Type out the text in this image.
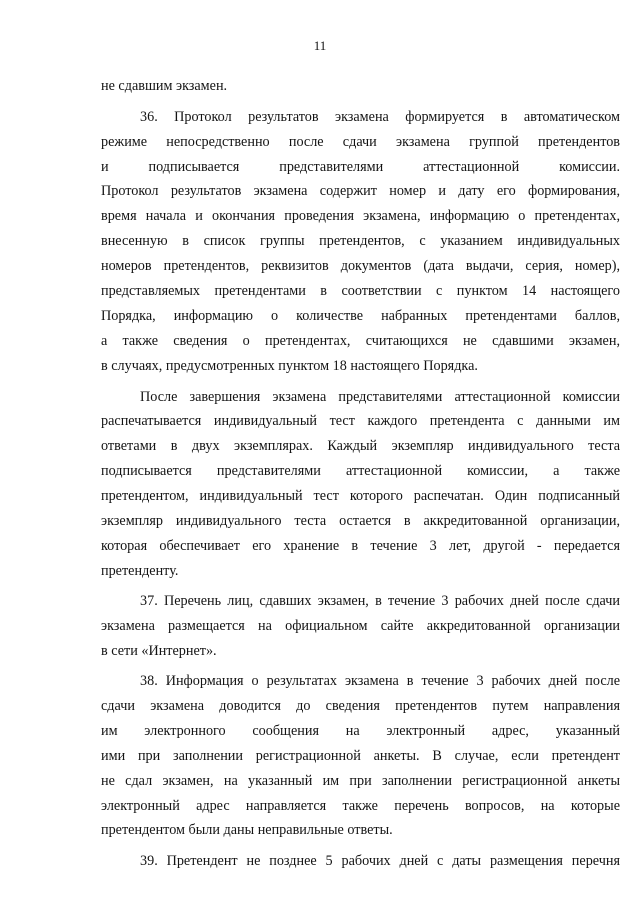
11
не сдавшим экзамен.
36. Протокол результатов экзамена формируется в автоматическом
режиме непосредственно после сдачи экзамена группой претендентов
и подписывается представителями аттестационной комиссии.
Протокол результатов экзамена содержит номер и дату его формирования,
время начала и окончания проведения экзамена, информацию о претендентах,
внесенную в список группы претендентов, с указанием индивидуальных
номеров претендентов, реквизитов документов (дата выдачи, серия, номер),
представляемых претендентами в соответствии с пунктом 14 настоящего
Порядка, информацию о количестве набранных претендентами баллов,
а также сведения о претендентах, считающихся не сдавшими экзамен,
в случаях, предусмотренных пунктом 18 настоящего Порядка.
После завершения экзамена представителями аттестационной комиссии
распечатывается индивидуальный тест каждого претендента с данными им
ответами в двух экземплярах. Каждый экземпляр индивидуального теста
подписывается представителями аттестационной комиссии, а также
претендентом, индивидуальный тест которого распечатан. Один подписанный
экземпляр индивидуального теста остается в аккредитованной организации,
которая обеспечивает его хранение в течение 3 лет, другой - передается
претенденту.
37. Перечень лиц, сдавших экзамен, в течение 3 рабочих дней после сдачи
экзамена размещается на официальном сайте аккредитованной организации
в сети «Интернет».
38. Информация о результатах экзамена в течение 3 рабочих дней после
сдачи экзамена доводится до сведения претендентов путем направления
им электронного сообщения на электронный адрес, указанный
ими при заполнении регистрационной анкеты. В случае, если претендент
не сдал экзамен, на указанный им при заполнении регистрационной анкеты
электронный адрес направляется также перечень вопросов, на которые
претендентом были даны неправильные ответы.
39. Претендент не позднее 5 рабочих дней с даты размещения перечня
